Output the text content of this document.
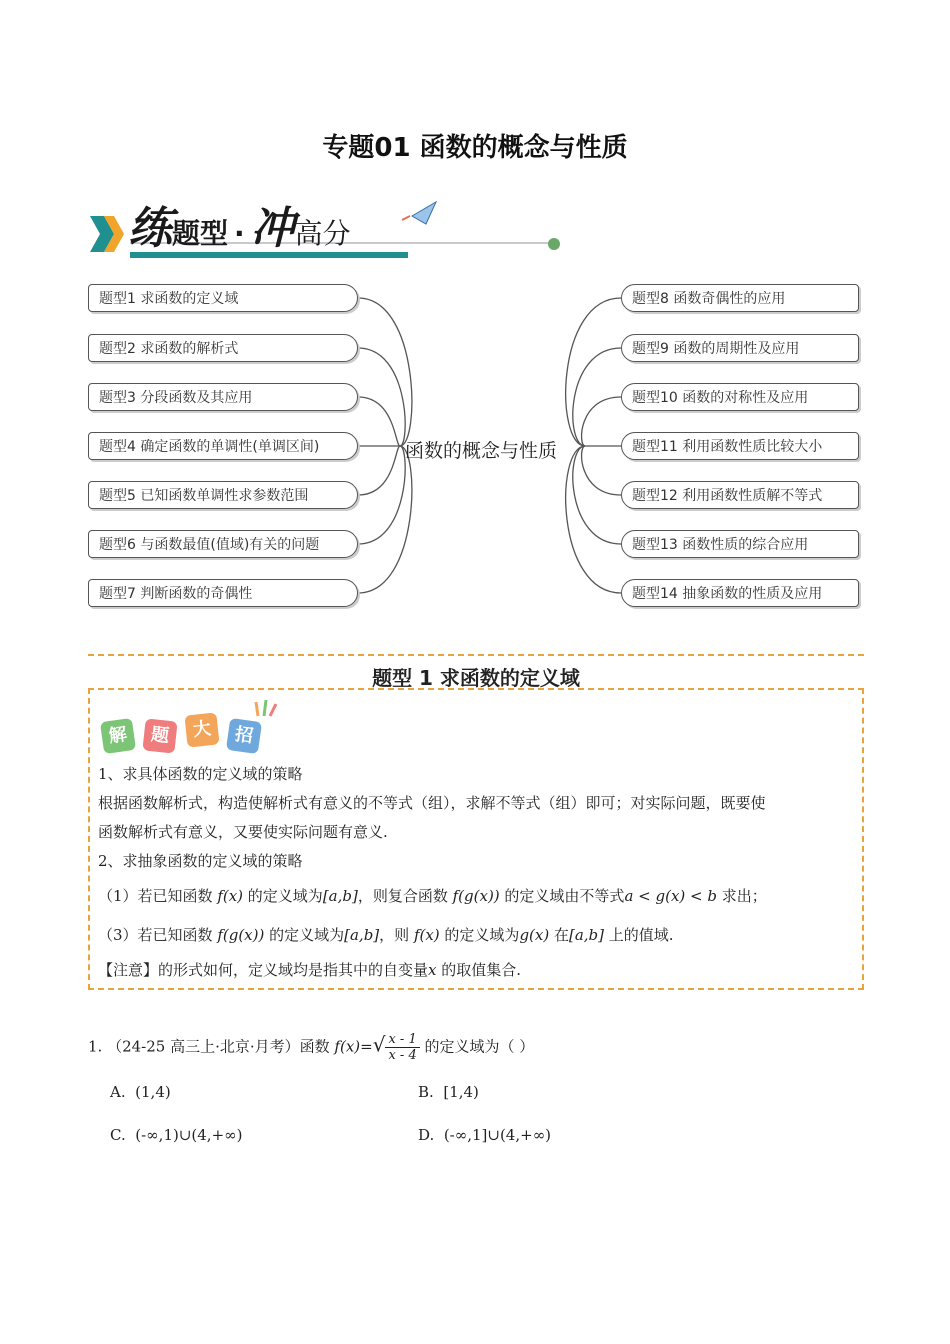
专题01 函数的概念与性质
练题型 · 冲高分
函数的概念与性质
题型1 求函数的定义域
题型2 求函数的解析式
题型3 分段函数及其应用
题型4 确定函数的单调性(单调区间)
题型5 已知函数单调性求参数范围
题型6 与函数最值(值域)有关的问题
题型7 判断函数的奇偶性
题型8 函数奇偶性的应用
题型9 函数的周期性及应用
题型10 函数的对称性及应用
题型11 利用函数性质比较大小
题型12 利用函数性质解不等式
题型13 函数性质的综合应用
题型14 抽象函数的性质及应用
题型 1 求函数的定义域
解	题	大	招
1、求具体函数的定义域的策略
根据函数解析式，构造使解析式有意义的不等式（组），求解不等式（组）即可；对实际问题，既要使
函数解析式有意义，又要使实际问题有意义.
2、求抽象函数的定义域的策略
（1）若已知函数 f(x) 的定义域为[a,b]，则复合函数 f(g(x)) 的定义域由不等式a < g(x) < b 求出；
（3）若已知函数 f(g(x)) 的定义域为[a,b]，则 f(x) 的定义域为g(x) 在[a,b] 上的值域.
【注意】的形式如何，定义域均是指其中的自变量x 的取值集合.
1. （24-25 高三上·北京·月考）函数 $f(x)=√ \frac{x - 1}{x - 4}$ 的定义域为（ ）
A. (1,4)	B. [1,4)
C. (-∞,1)∪(4,+∞)	D. (-∞,1]∪(4,+∞)
